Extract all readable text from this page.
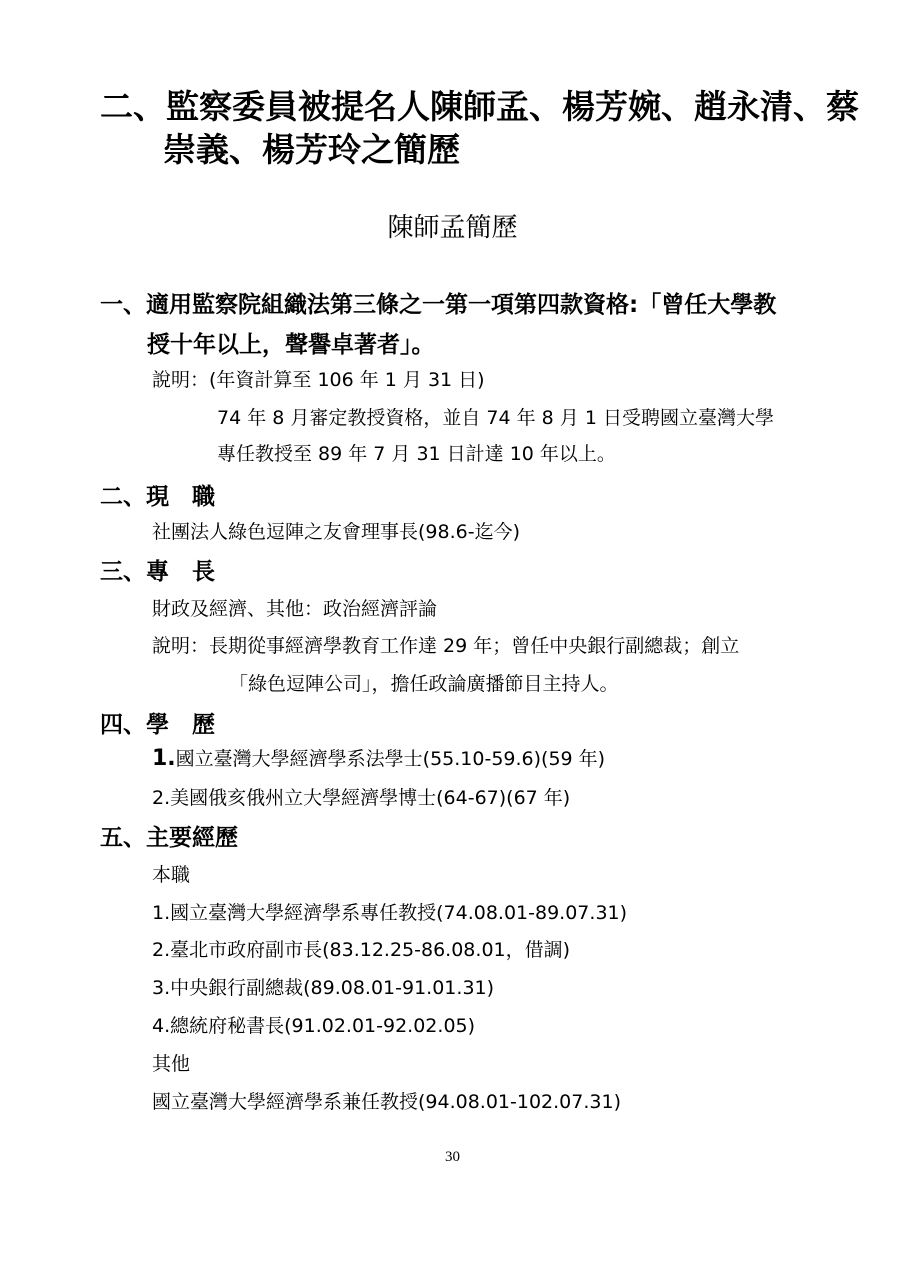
二、監察委員被提名人陳師孟、楊芳婉、趙永清、蔡
崇義、楊芳玲之簡歷
陳師孟簡歷
一、適用監察院組織法第三條之一第一項第四款資格:「曾任大學教
授十年以上，聲譽卓著者」。
說明：(年資計算至 106 年 1 月 31 日)
74 年 8 月審定教授資格，並自 74 年 8 月 1 日受聘國立臺灣大學
專任教授至 89 年 7 月 31 日計達 10 年以上。
二、現　職
社團法人綠色逗陣之友會理事長(98.6-迄今)
三、專　長
財政及經濟、其他：政治經濟評論
說明：長期從事經濟學教育工作達 29 年；曾任中央銀行副總裁；創立
「綠色逗陣公司」，擔任政論廣播節目主持人。
四、學　歷
1.國立臺灣大學經濟學系法學士(55.10-59.6)(59 年)
2.美國俄亥俄州立大學經濟學博士(64-67)(67 年)
五、主要經歷
本職
1.國立臺灣大學經濟學系專任教授(74.08.01-89.07.31)
2.臺北市政府副市長(83.12.25-86.08.01，借調)
3.中央銀行副總裁(89.08.01-91.01.31)
4.總統府秘書長(91.02.01-92.02.05)
其他
國立臺灣大學經濟學系兼任教授(94.08.01-102.07.31)
30
